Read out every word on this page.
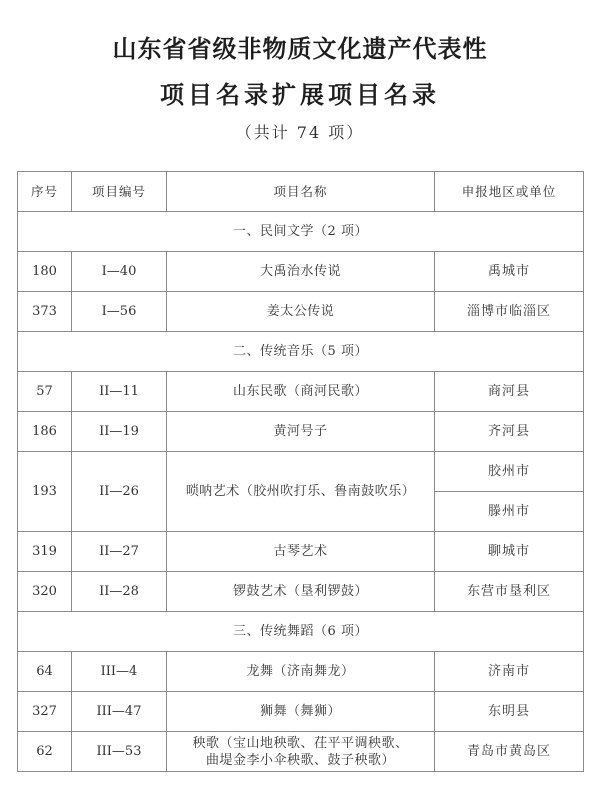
山东省省级非物质文化遗产代表性
项目名录扩展项目名录
（共计 74 项）
序号	项目编号	项目名称	申报地区或单位
一、民间文学（2 项）			
180	I—40	大禹治水传说	禹城市
373	I—56	姜太公传说	淄博市临淄区
二、传统音乐（5 项）			
57	II—11	山东民歌（商河民歌）	商河县
186	II—19	黄河号子	齐河县
193	II—26	唢呐艺术（胶州吹打乐、鲁南鼓吹乐）	胶州市
			滕州市
319	II—27	古琴艺术	聊城市
320	II—28	锣鼓艺术（垦利锣鼓）	东营市垦利区
三、传统舞蹈（6 项）			
64	III—4	龙舞（济南舞龙）	济南市
327	III—47	狮舞（舞狮）	东明县
62	III—53	秧歌（宝山地秧歌、茌平平调秧歌、
曲堤金李小伞秧歌、鼓子秧歌）	青岛市黄岛区
